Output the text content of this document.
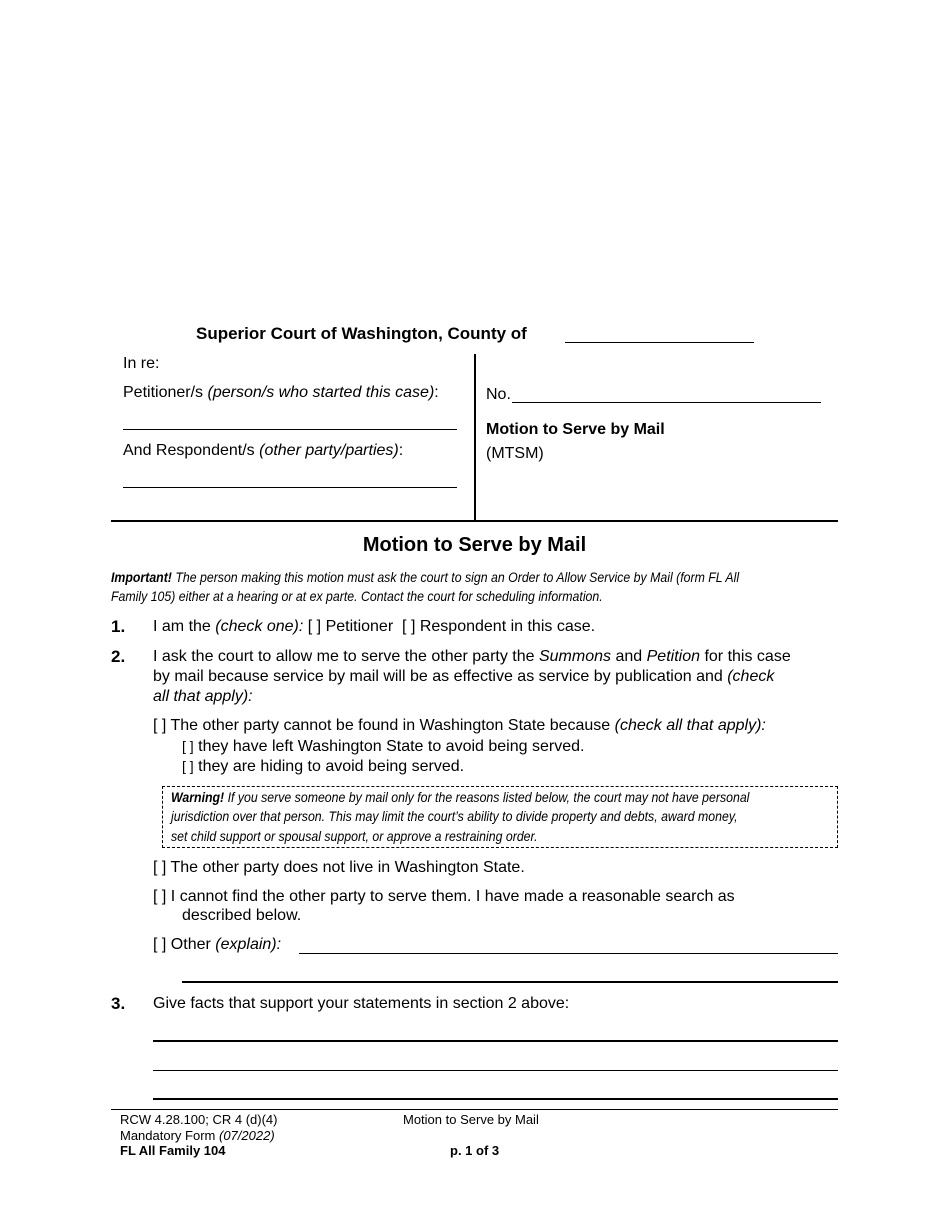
Superior Court of Washington, County of
In re:
Petitioner/s (person/s who started this case):
And Respondent/s (other party/parties):
No.
Motion to Serve by Mail
(MTSM)
Motion to Serve by Mail
Important! The person making this motion must ask the court to sign an Order to Allow Service by Mail (form FL All
Family 105) either at a hearing or at ex parte. Contact the court for scheduling information.
1. I am the (check one): [ ] Petitioner [ ] Respondent in this case.
2. I ask the court to allow me to serve the other party the Summons and Petition for this case
by mail because service by mail will be as effective as service by publication and (check
all that apply):
[ ] The other party cannot be found in Washington State because (check all that apply):
[ ] they have left Washington State to avoid being served.
[ ] they are hiding to avoid being served.
Warning! If you serve someone by mail only for the reasons listed below, the court may not have personal
jurisdiction over that person. This may limit the court’s ability to divide property and debts, award money,
set child support or spousal support, or approve a restraining order.
[ ] The other party does not live in Washington State.
[ ] I cannot find the other party to serve them. I have made a reasonable search as
described below.
[ ] Other (explain):
3. Give facts that support your statements in section 2 above:
RCW 4.28.100; CR 4 (d)(4)
Mandatory Form (07/2022)
FL All Family 104
Motion to Serve by Mail
p. 1 of 3
